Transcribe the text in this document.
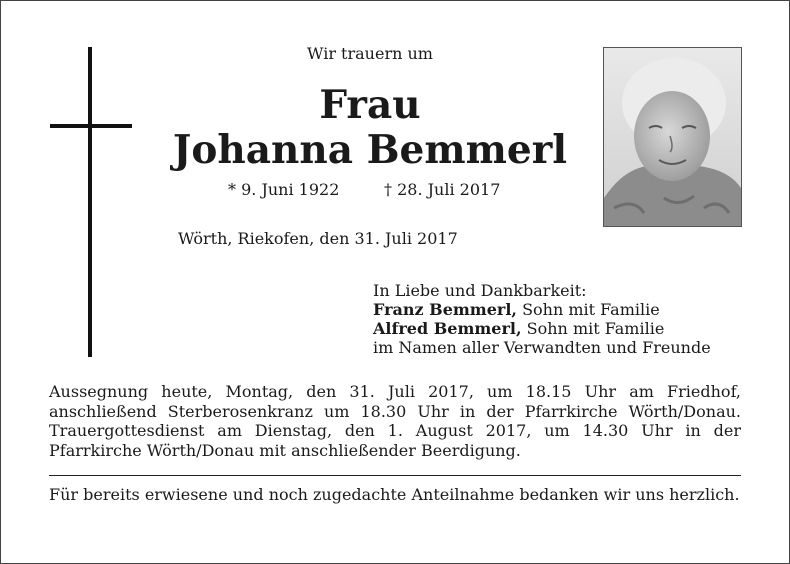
Wir trauern um
Frau
Johanna Bemmerl
* 9. Juni 1922	† 28. Juli 2017
Wörth, Riekofen, den 31. Juli 2017
In Liebe und Dankbarkeit:
Franz Bemmerl, Sohn mit Familie
Alfred Bemmerl, Sohn mit Familie
im Namen aller Verwandten und Freunde
Aussegnung heute, Montag, den 31. Juli 2017, um 18.15 Uhr am Friedhof, anschließend Sterberosenkranz um 18.30 Uhr in der Pfarrkirche Wörth/Donau. Trauergottesdienst am Dienstag, den 1. August 2017, um 14.30 Uhr in der Pfarrkirche Wörth/Donau mit anschließender Beerdigung.
Für bereits erwiesene und noch zugedachte Anteilnahme bedanken wir uns herzlich.
